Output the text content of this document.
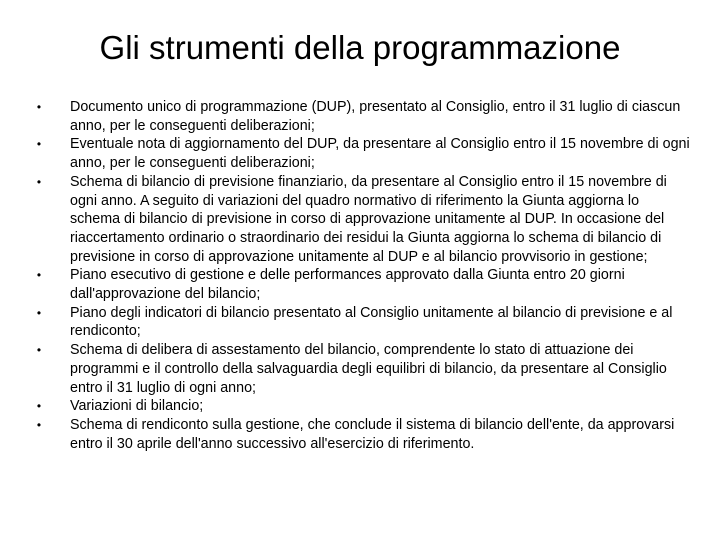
Gli strumenti della programmazione
•	Documento unico di programmazione (DUP), presentato al Consiglio, entro il 31 luglio di ciascun anno, per le conseguenti deliberazioni;
•	Eventuale nota di aggiornamento del DUP, da presentare al Consiglio entro il 15 novembre di ogni anno, per le conseguenti deliberazioni;
•	Schema di bilancio di previsione finanziario, da presentare al Consiglio entro il 15 novembre di ogni anno. A seguito di variazioni del quadro normativo di riferimento la Giunta aggiorna lo schema di bilancio di previsione in corso di approvazione unitamente al DUP. In occasione del riaccertamento ordinario o straordinario dei residui la Giunta aggiorna lo schema di bilancio di previsione in corso di approvazione unitamente al DUP e al bilancio provvisorio in gestione;
•	Piano esecutivo di gestione e delle performances approvato dalla Giunta entro 20 giorni dall'approvazione del bilancio;
•	Piano degli indicatori di bilancio presentato al Consiglio unitamente al bilancio di previsione e al rendiconto;
•	Schema di delibera di assestamento del bilancio, comprendente lo stato di attuazione dei programmi e il controllo della salvaguardia degli equilibri di bilancio, da presentare al Consiglio entro il 31 luglio di ogni anno;
•	Variazioni di bilancio;
•	Schema di rendiconto sulla gestione, che conclude il sistema di bilancio dell'ente, da approvarsi entro il 30 aprile dell'anno successivo all'esercizio di riferimento.
